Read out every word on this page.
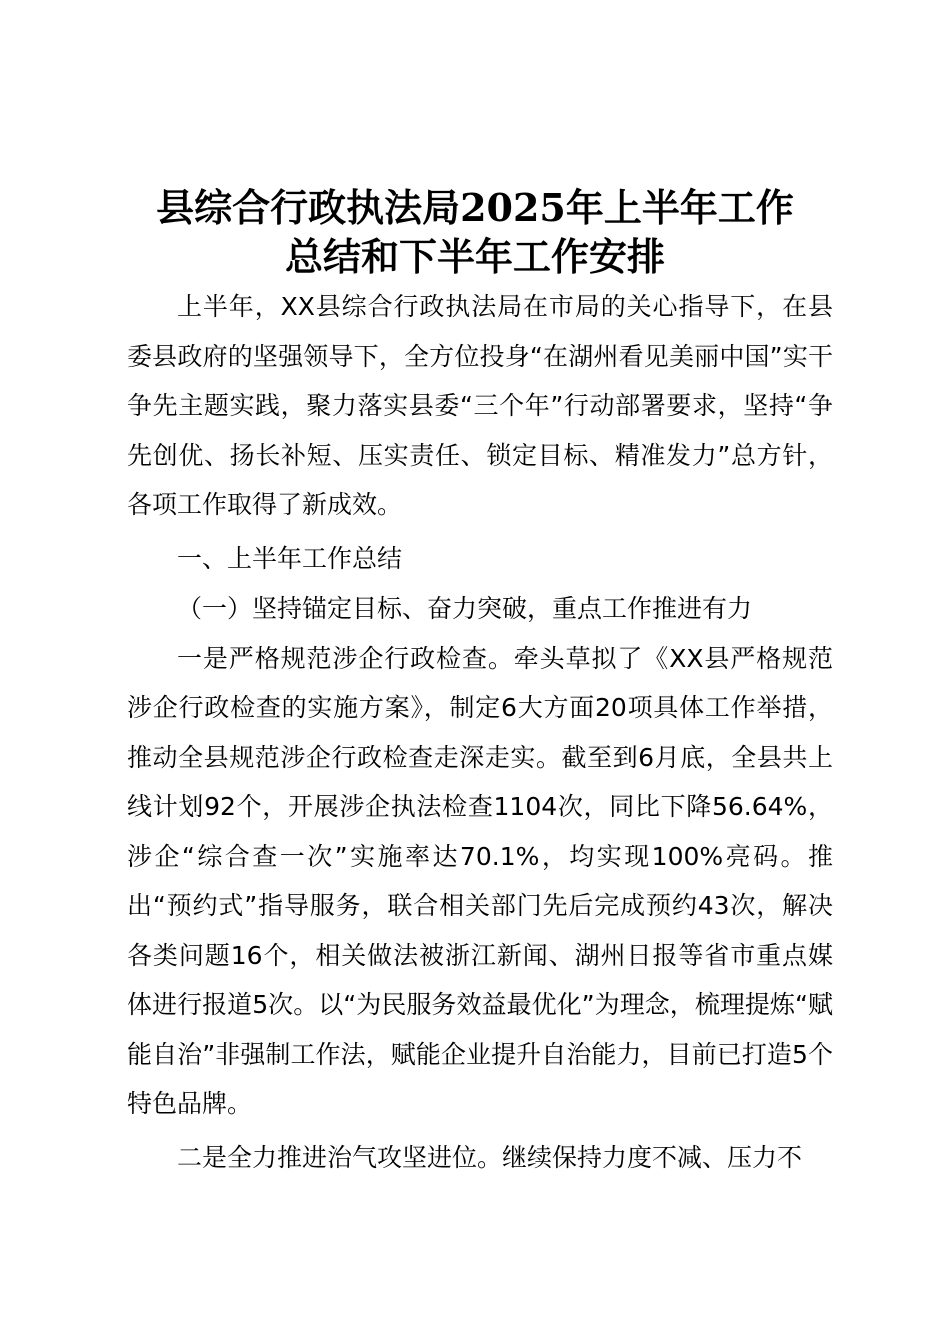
县综合行政执法局2025年上半年工作
总结和下半年工作安排

上半年，XX县综合行政执法局在市局的关心指导下，在县委县政府的坚强领导下，全方位投身“在湖州看见美丽中国”实干争先主题实践，聚力落实县委“三个年”行动部署要求，坚持“争先创优、扬长补短、压实责任、锁定目标、精准发力”总方针，各项工作取得了新成效。

一、上半年工作总结

（一）坚持锚定目标、奋力突破，重点工作推进有力

一是严格规范涉企行政检查。牵头草拟了《XX县严格规范涉企行政检查的实施方案》，制定6大方面20项具体工作举措，推动全县规范涉企行政检查走深走实。截至到6月底，全县共上线计划92个，开展涉企执法检查1104次，同比下降56.64%，涉企“综合查一次”实施率达70.1%，均实现100%亮码。推出“预约式”指导服务，联合相关部门先后完成预约43次，解决各类问题16个，相关做法被浙江新闻、湖州日报等省市重点媒体进行报道5次。以“为民服务效益最优化”为理念，梳理提炼“赋能自治”非强制工作法，赋能企业提升自治能力，目前已打造5个特色品牌。

二是全力推进治气攻坚进位。继续保持力度不减、压力不
